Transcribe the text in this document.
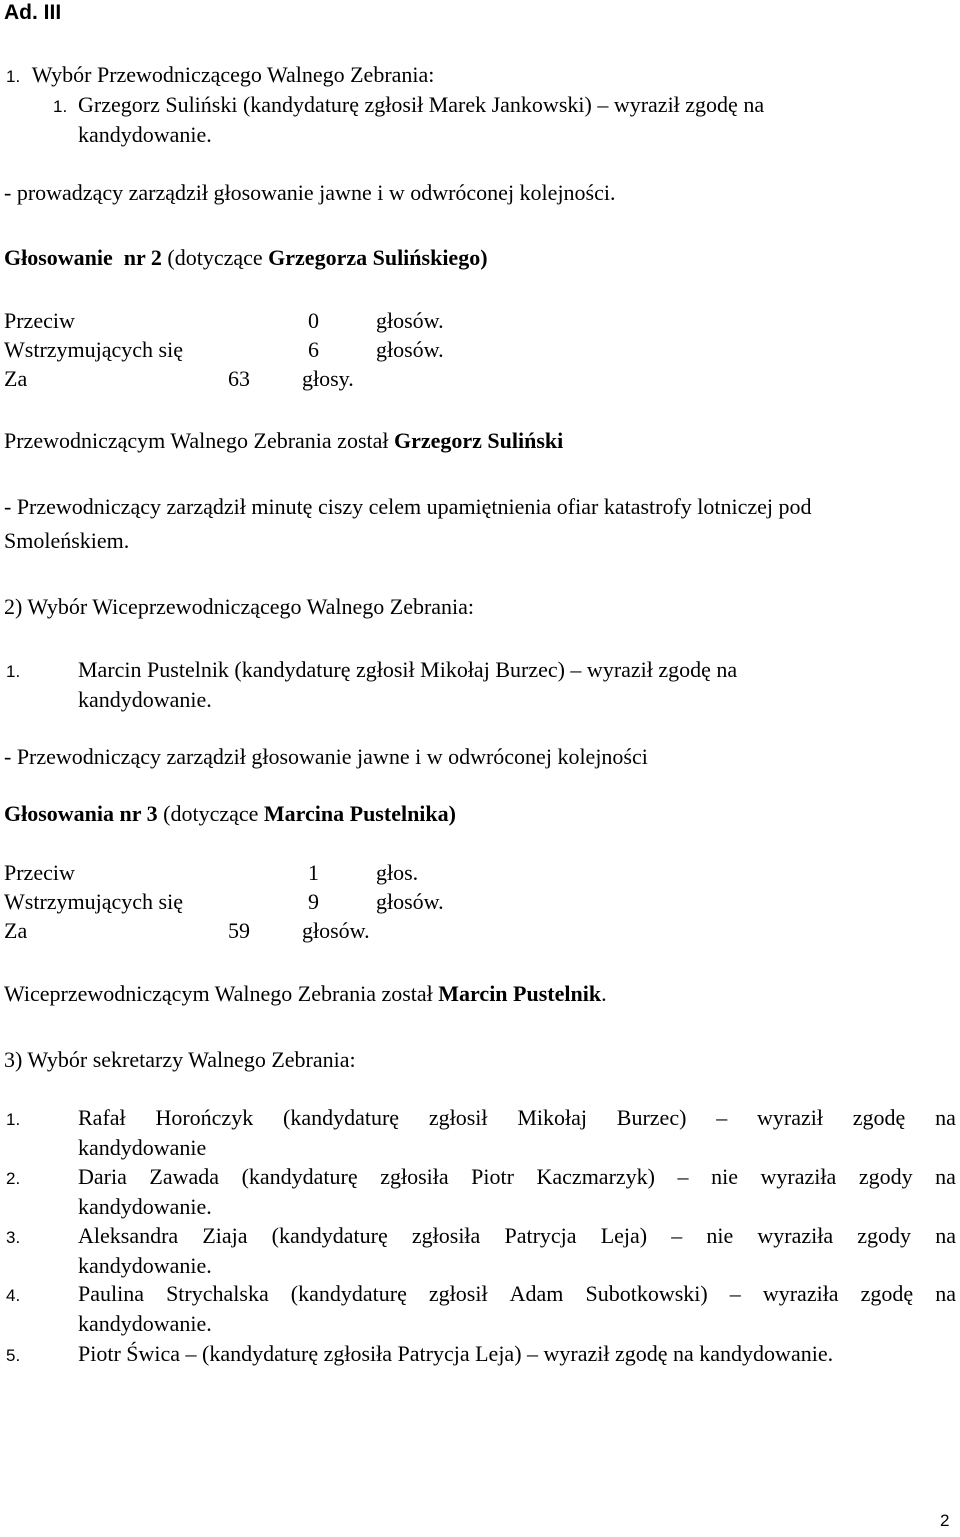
Ad. III
1. Wybór Przewodniczącego Walnego Zebrania:
1. Grzegorz Suliński (kandydaturę zgłosił Marek Jankowski) – wyraził zgodę na
kandydowanie.
- prowadzący zarządził głosowanie jawne i w odwróconej kolejności.
Głosowanie  nr 2 (dotyczące Grzegorza Sulińskiego)
Przeciw	0	głosów.
Wstrzymujących się	6	głosów.
Za	63 głosy.
Przewodniczącym Walnego Zebrania został Grzegorz Suliński
- Przewodniczący zarządził minutę ciszy celem upamiętnienia ofiar katastrofy lotniczej pod
Smoleńskiem.
2) Wybór Wiceprzewodniczącego Walnego Zebrania:
1.	Marcin Pustelnik (kandydaturę zgłosił Mikołaj Burzec) – wyraził zgodę na
kandydowanie.
- Przewodniczący zarządził głosowanie jawne i w odwróconej kolejności
Głosowania nr 3 (dotyczące Marcina Pustelnika)
Przeciw	1	głos.
Wstrzymujących się	9	głosów.
Za	59 głosów.
Wiceprzewodniczącym Walnego Zebrania został Marcin Pustelnik.
3) Wybór sekretarzy Walnego Zebrania:
1.	Rafał Horończyk (kandydaturę zgłosił Mikołaj Burzec) – wyraził zgodę na
kandydowanie
2.	Daria Zawada (kandydaturę zgłosiła Piotr Kaczmarzyk) – nie wyraziła zgody na
kandydowanie.
3.	Aleksandra Ziaja (kandydaturę zgłosiła Patrycja Leja) – nie wyraziła zgody na
kandydowanie.
4.	Paulina Strychalska (kandydaturę zgłosił Adam Subotkowski) – wyraziła zgodę na
kandydowanie.
5.	Piotr Świca – (kandydaturę zgłosiła Patrycja Leja) – wyraził zgodę na kandydowanie.
2
